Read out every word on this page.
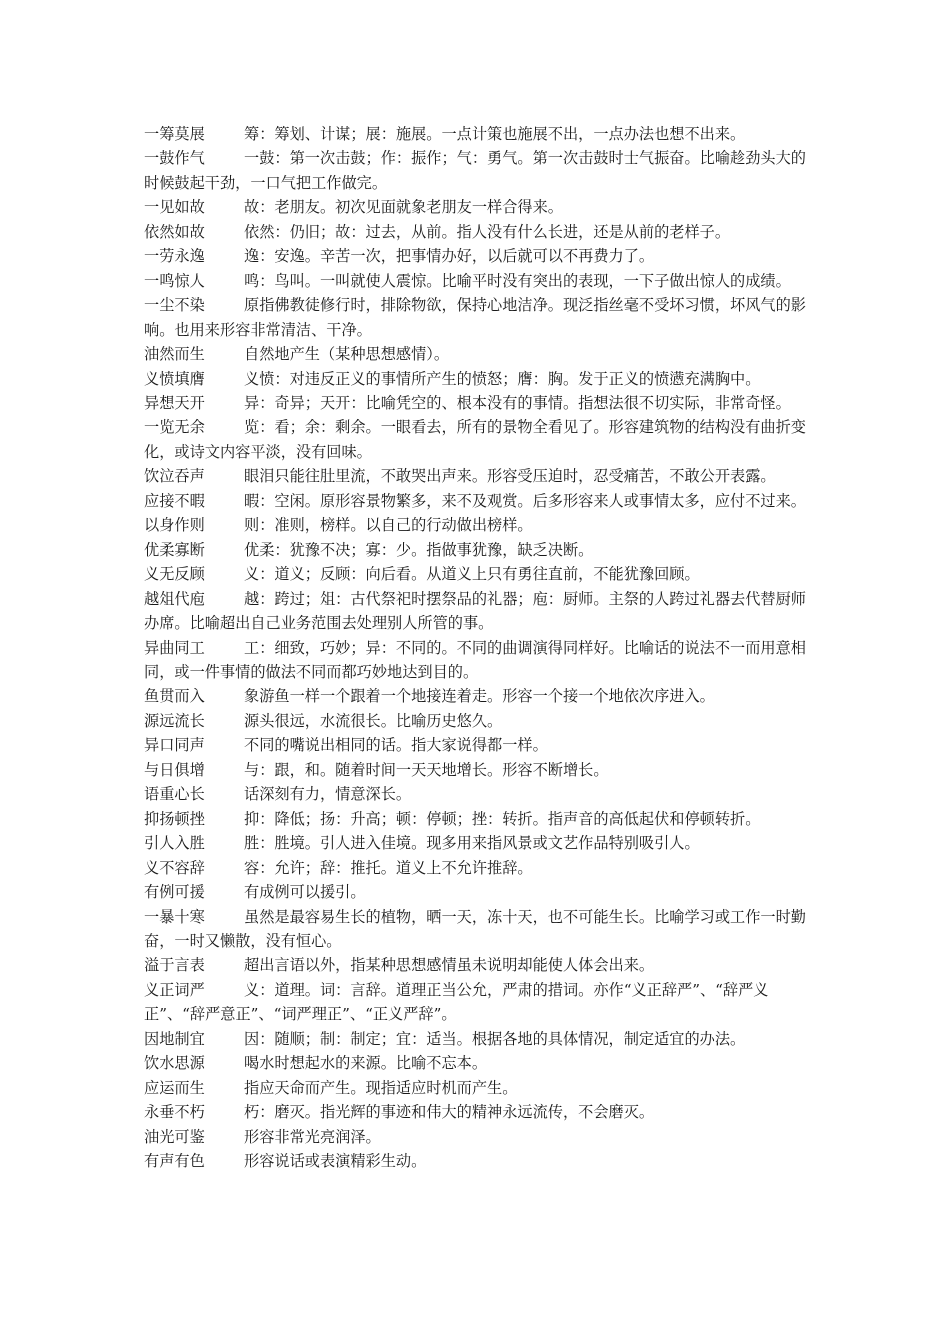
一筹莫展	筹：筹划、计谋；展：施展。一点计策也施展不出，一点办法也想不出来。

一鼓作气	一鼓：第一次击鼓；作：振作；气：勇气。第一次击鼓时士气振奋。比喻趁劲头大的时候鼓起干劲，一口气把工作做完。

一见如故	故：老朋友。初次见面就象老朋友一样合得来。

依然如故	依然：仍旧；故：过去，从前。指人没有什么长进，还是从前的老样子。

一劳永逸	逸：安逸。辛苦一次，把事情办好，以后就可以不再费力了。

一鸣惊人	鸣：鸟叫。一叫就使人震惊。比喻平时没有突出的表现，一下子做出惊人的成绩。

一尘不染	原指佛教徒修行时，排除物欲，保持心地洁净。现泛指丝毫不受坏习惯，坏风气的影响。也用来形容非常清洁、干净。

油然而生	自然地产生（某种思想感情）。

义愤填膺	义愤：对违反正义的事情所产生的愤怒；膺：胸。发于正义的愤懑充满胸中。

异想天开	异：奇异；天开：比喻凭空的、根本没有的事情。指想法很不切实际，非常奇怪。

一览无余	览：看；余：剩余。一眼看去，所有的景物全看见了。形容建筑物的结构没有曲折变化，或诗文内容平淡，没有回味。

饮泣吞声	眼泪只能往肚里流，不敢哭出声来。形容受压迫时，忍受痛苦，不敢公开表露。

应接不暇	暇：空闲。原形容景物繁多，来不及观赏。后多形容来人或事情太多，应付不过来。

以身作则	则：准则，榜样。以自己的行动做出榜样。

优柔寡断	优柔：犹豫不决；寡：少。指做事犹豫，缺乏决断。

义无反顾	义：道义；反顾：向后看。从道义上只有勇往直前，不能犹豫回顾。

越俎代庖	越：跨过；俎：古代祭祀时摆祭品的礼器；庖：厨师。主祭的人跨过礼器去代替厨师办席。比喻超出自己业务范围去处理别人所管的事。

异曲同工	工：细致，巧妙；异：不同的。不同的曲调演得同样好。比喻话的说法不一而用意相同，或一件事情的做法不同而都巧妙地达到目的。

鱼贯而入	象游鱼一样一个跟着一个地接连着走。形容一个接一个地依次序进入。

源远流长	源头很远，水流很长。比喻历史悠久。

异口同声	不同的嘴说出相同的话。指大家说得都一样。

与日俱增	与：跟，和。随着时间一天天地增长。形容不断增长。

语重心长	话深刻有力，情意深长。

抑扬顿挫	抑：降低；扬：升高；顿：停顿；挫：转折。指声音的高低起伏和停顿转折。

引人入胜	胜：胜境。引人进入佳境。现多用来指风景或文艺作品特别吸引人。

义不容辞	容：允许；辞：推托。道义上不允许推辞。

有例可援	有成例可以援引。

一暴十寒	虽然是最容易生长的植物，晒一天，冻十天，也不可能生长。比喻学习或工作一时勤奋，一时又懒散，没有恒心。

溢于言表	超出言语以外，指某种思想感情虽未说明却能使人体会出来。

义正词严	义：道理。词：言辞。道理正当公允，严肃的措词。亦作“义正辞严”、“辞严义正”、“辞严意正”、“词严理正”、“正义严辞”。

因地制宜	因：随顺；制：制定；宜：适当。根据各地的具体情况，制定适宜的办法。

饮水思源	喝水时想起水的来源。比喻不忘本。

应运而生	指应天命而产生。现指适应时机而产生。

永垂不朽	朽：磨灭。指光辉的事迹和伟大的精神永远流传，不会磨灭。

油光可鉴	形容非常光亮润泽。

有声有色	形容说话或表演精彩生动。
